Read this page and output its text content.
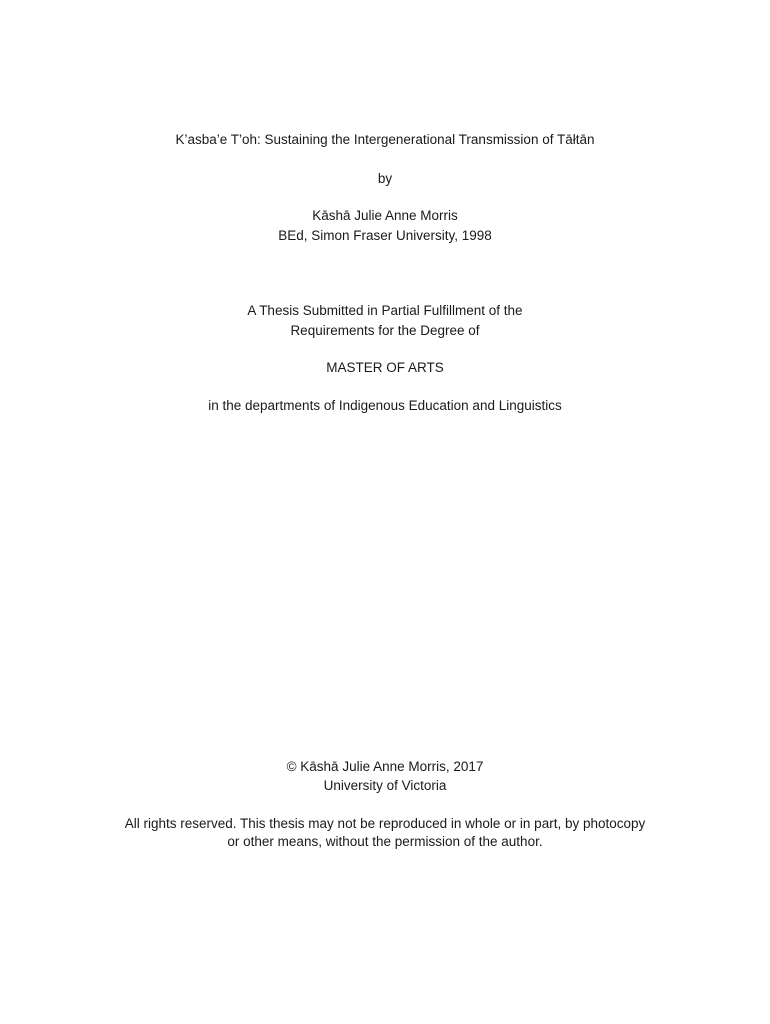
K’asba’e T’oh: Sustaining the Intergenerational Transmission of Tāłtān
by
Kāshā Julie Anne Morris
BEd, Simon Fraser University, 1998
A Thesis Submitted in Partial Fulfillment of the
Requirements for the Degree of
MASTER OF ARTS
in the departments of Indigenous Education and Linguistics
© Kāshā Julie Anne Morris, 2017
University of Victoria
All rights reserved. This thesis may not be reproduced in whole or in part, by photocopy
or other means, without the permission of the author.
